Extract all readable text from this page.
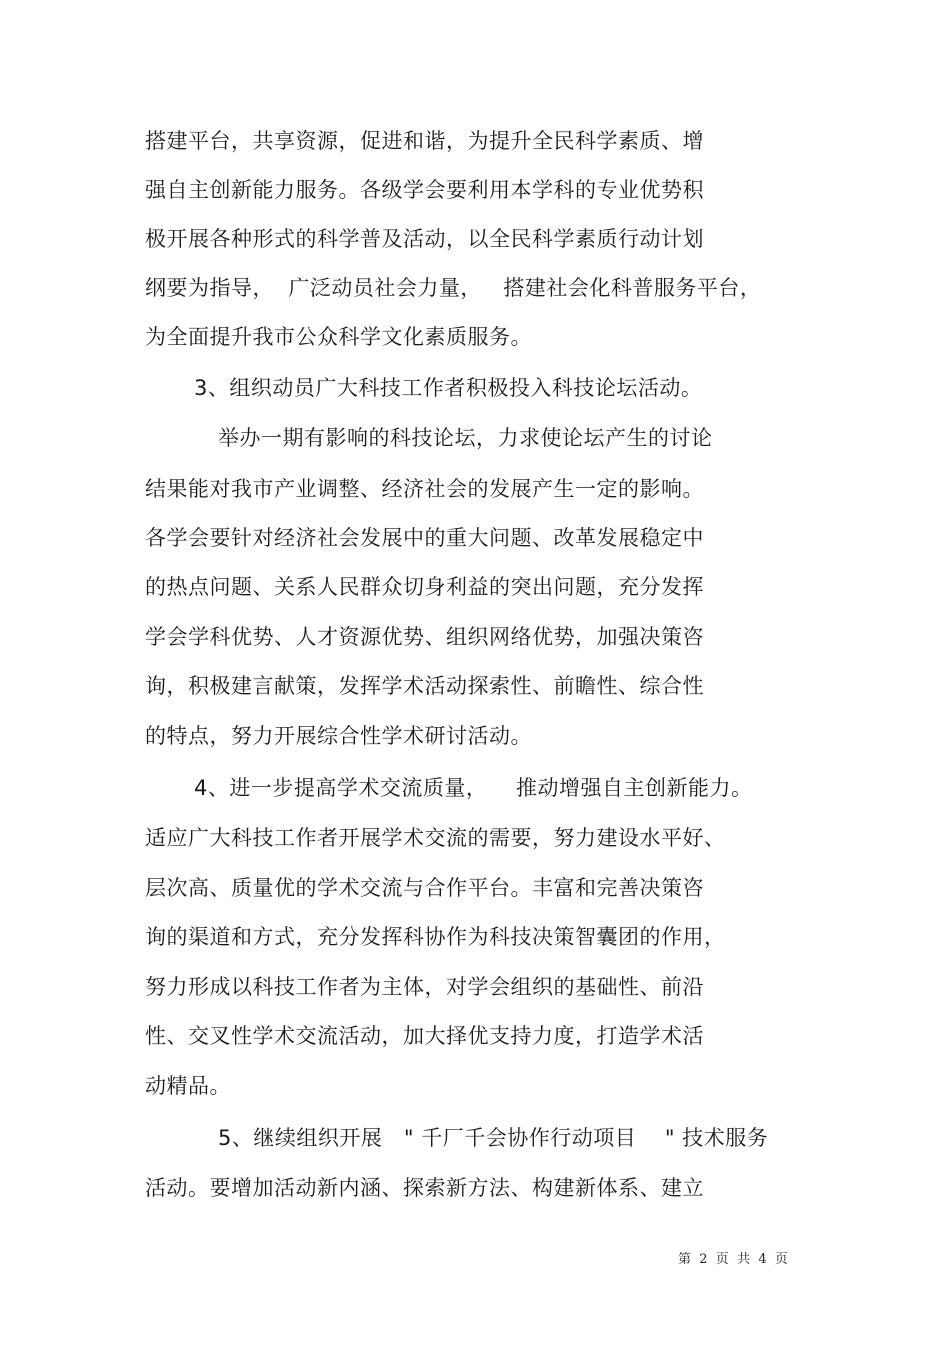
搭建平台，共享资源，促进和谐，为提升全民科学素质、增
强自主创新能力服务。各级学会要利用本学科的专业优势积
极开展各种形式的科学普及活动，以全民科学素质行动计划
纲要为指导，  广泛动员社会力量，   搭建社会化科普服务平台，
为全面提升我市公众科学文化素质服务。
3、组织动员广大科技工作者积极投入科技论坛活动。
举办一期有影响的科技论坛，力求使论坛产生的讨论
结果能对我市产业调整、经济社会的发展产生一定的影响。
各学会要针对经济社会发展中的重大问题、改革发展稳定中
的热点问题、关系人民群众切身利益的突出问题，充分发挥
学会学科优势、人才资源优势、组织网络优势，加强决策咨
询，积极建言献策，发挥学术活动探索性、前瞻性、综合性
的特点，努力开展综合性学术研讨活动。
4、进一步提高学术交流质量，    推动增强自主创新能力。
适应广大科技工作者开展学术交流的需要，努力建设水平好、
层次高、质量优的学术交流与合作平台。丰富和完善决策咨
询的渠道和方式，充分发挥科协作为科技决策智囊团的作用，
努力形成以科技工作者为主体，对学会组织的基础性、前沿
性、交叉性学术交流活动，加大择优支持力度，打造学术活
动精品。
5、继续组织开展   " 千厂千会协作行动项目    " 技术服务
活动。要增加活动新内涵、探索新方法、构建新体系、建立
第  2  页  共  4  页
